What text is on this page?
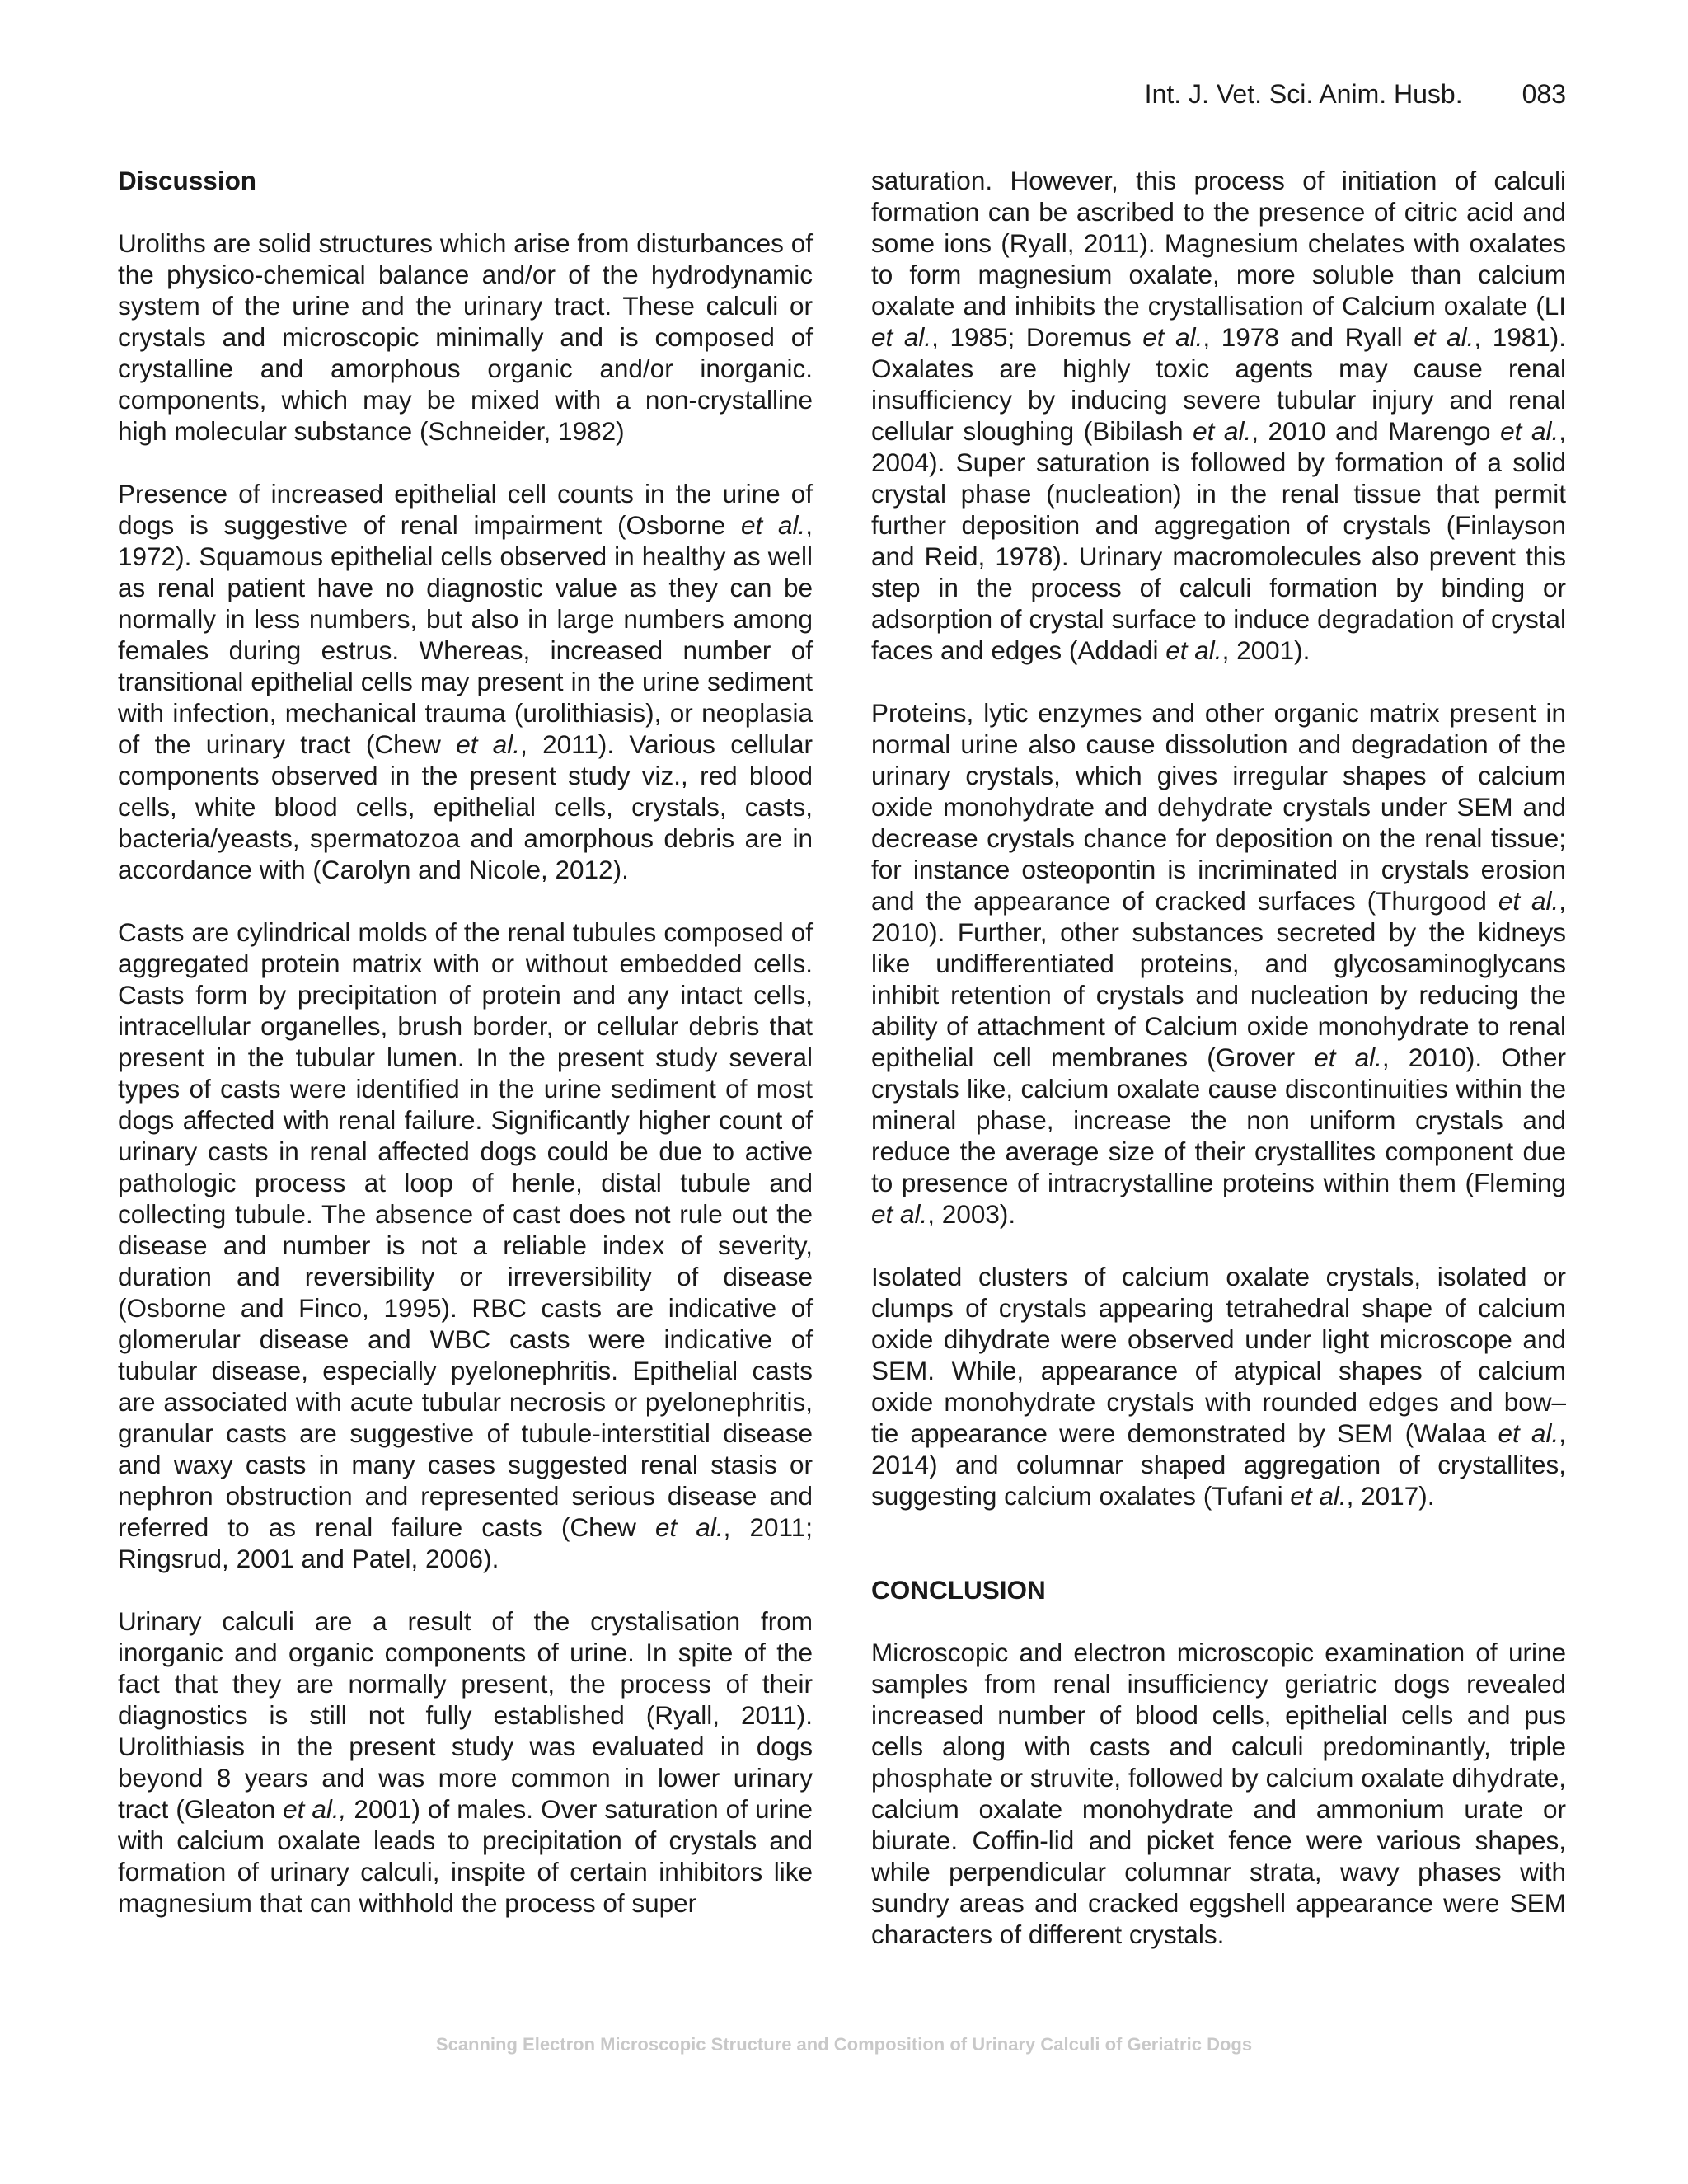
Int. J. Vet. Sci. Anim. Husb. 083
Discussion

Uroliths are solid structures which arise from disturbances of the physico-chemical balance and/or of the hydrodynamic system of the urine and the urinary tract. These calculi or crystals and microscopic minimally and is composed of crystalline and amorphous organic and/or inorganic. components, which may be mixed with a non-crystalline high molecular substance (Schneider, 1982)

Presence of increased epithelial cell counts in the urine of dogs is suggestive of renal impairment (Osborne et al., 1972). Squamous epithelial cells observed in healthy as well as renal patient have no diagnostic value as they can be normally in less numbers, but also in large numbers among females during estrus. Whereas, increased number of transitional epithelial cells may present in the urine sediment with infection, mechanical trauma (urolithiasis), or neoplasia of the urinary tract (Chew et al., 2011). Various cellular components observed in the present study viz., red blood cells, white blood cells, epithelial cells, crystals, casts, bacteria/yeasts, spermatozoa and amorphous debris are in accordance with (Carolyn and Nicole, 2012).

Casts are cylindrical molds of the renal tubules composed of aggregated protein matrix with or without embedded cells. Casts form by precipitation of protein and any intact cells, intracellular organelles, brush border, or cellular debris that present in the tubular lumen. In the present study several types of casts were identified in the urine sediment of most dogs affected with renal failure. Significantly higher count of urinary casts in renal affected dogs could be due to active pathologic process at loop of henle, distal tubule and collecting tubule. The absence of cast does not rule out the disease and number is not a reliable index of severity, duration and reversibility or irreversibility of disease (Osborne and Finco, 1995). RBC casts are indicative of glomerular disease and WBC casts were indicative of tubular disease, especially pyelonephritis. Epithelial casts are associated with acute tubular necrosis or pyelonephritis, granular casts are suggestive of tubule-interstitial disease and waxy casts in many cases suggested renal stasis or nephron obstruction and represented serious disease and referred to as renal failure casts (Chew et al., 2011; Ringsrud, 2001 and Patel, 2006).

Urinary calculi are a result of the crystalisation from inorganic and organic components of urine. In spite of the fact that they are normally present, the process of their diagnostics is still not fully established (Ryall, 2011). Urolithiasis in the present study was evaluated in dogs beyond 8 years and was more common in lower urinary tract (Gleaton et al., 2001) of males. Over saturation of urine with calcium oxalate leads to precipitation of crystals and formation of urinary calculi, inspite of certain inhibitors like magnesium that can withhold the process of super

saturation. However, this process of initiation of calculi formation can be ascribed to the presence of citric acid and some ions (Ryall, 2011). Magnesium chelates with oxalates to form magnesium oxalate, more soluble than calcium oxalate and inhibits the crystallisation of Calcium oxalate (LI et al., 1985; Doremus et al., 1978 and Ryall et al., 1981). Oxalates are highly toxic agents may cause renal insufficiency by inducing severe tubular injury and renal cellular sloughing (Bibilash et al., 2010 and Marengo et al., 2004). Super saturation is followed by formation of a solid crystal phase (nucleation) in the renal tissue that permit further deposition and aggregation of crystals (Finlayson and Reid, 1978). Urinary macromolecules also prevent this step in the process of calculi formation by binding or adsorption of crystal surface to induce degradation of crystal faces and edges (Addadi et al., 2001).

Proteins, lytic enzymes and other organic matrix present in normal urine also cause dissolution and degradation of the urinary crystals, which gives irregular shapes of calcium oxide monohydrate and dehydrate crystals under SEM and decrease crystals chance for deposition on the renal tissue; for instance osteopontin is incriminated in crystals erosion and the appearance of cracked surfaces (Thurgood et al., 2010). Further, other substances secreted by the kidneys like undifferentiated proteins, and glycosaminoglycans inhibit retention of crystals and nucleation by reducing the ability of attachment of Calcium oxide monohydrate to renal epithelial cell membranes (Grover et al., 2010). Other crystals like, calcium oxalate cause discontinuities within the mineral phase, increase the non uniform crystals and reduce the average size of their crystallites component due to presence of intracrystalline proteins within them (Fleming et al., 2003).

Isolated clusters of calcium oxalate crystals, isolated or clumps of crystals appearing tetrahedral shape of calcium oxide dihydrate were observed under light microscope and SEM. While, appearance of atypical shapes of calcium oxide monohydrate crystals with rounded edges and bow–tie appearance were demonstrated by SEM (Walaa et al., 2014) and columnar shaped aggregation of crystallites, suggesting calcium oxalates (Tufani et al., 2017).

CONCLUSION

Microscopic and electron microscopic examination of urine samples from renal insufficiency geriatric dogs revealed increased number of blood cells, epithelial cells and pus cells along with casts and calculi predominantly, triple phosphate or struvite, followed by calcium oxalate dihydrate, calcium oxalate monohydrate and ammonium urate or biurate. Coffin-lid and picket fence were various shapes, while perpendicular columnar strata, wavy phases with sundry areas and cracked eggshell appearance were SEM characters of different crystals.

Scanning Electron Microscopic Structure and Composition of Urinary Calculi of Geriatric Dogs
